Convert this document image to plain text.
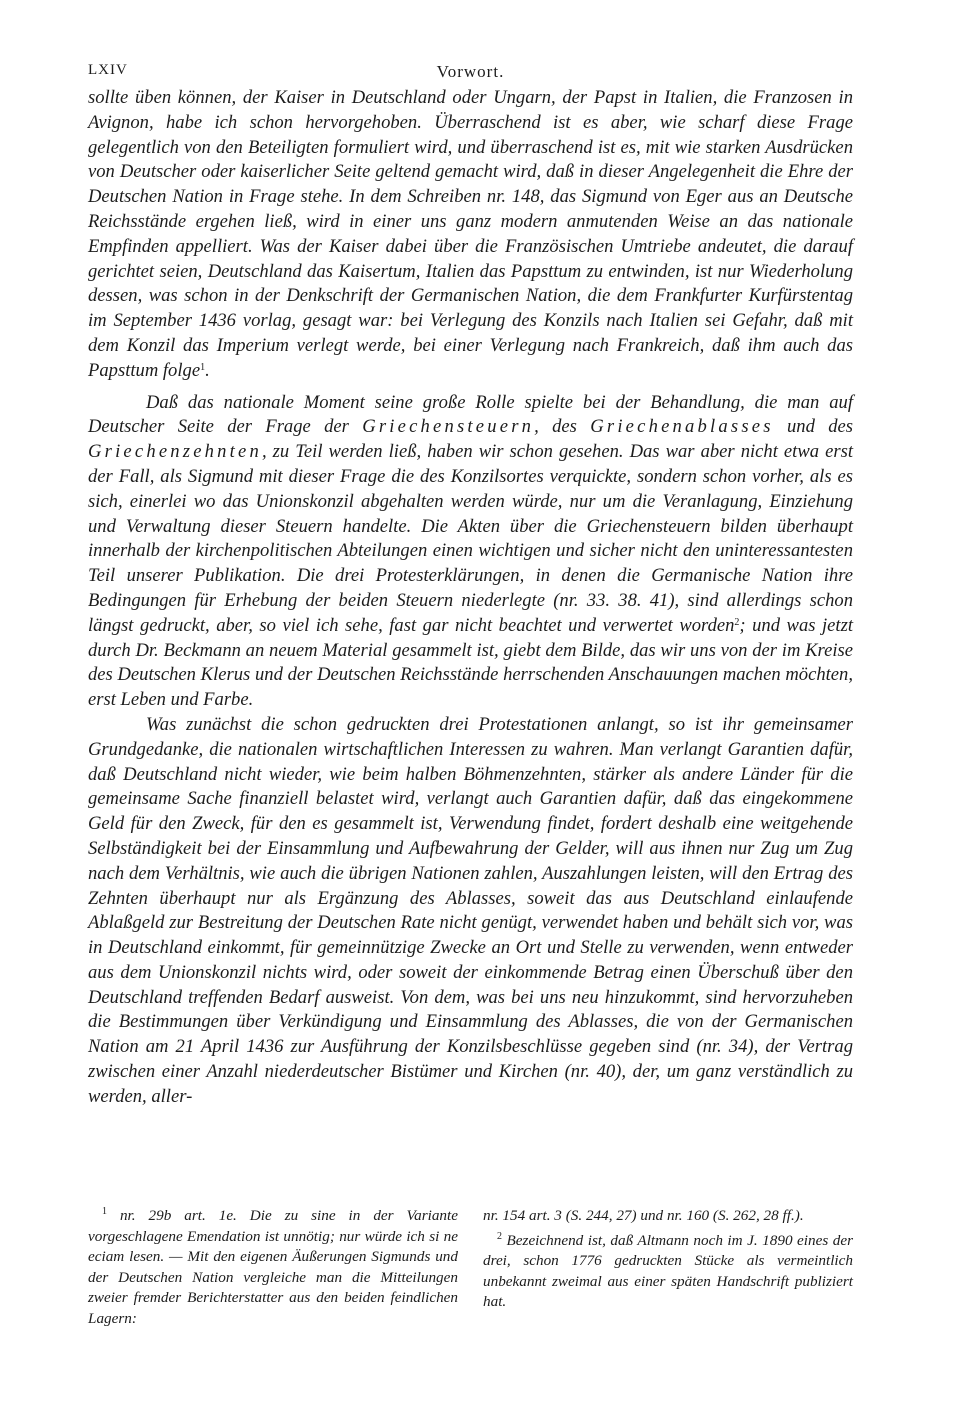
LXIV	Vorwort.

sollte üben können, der Kaiser in Deutschland oder Ungarn, der Papst in Italien, die Franzosen in Avignon, habe ich schon hervorgehoben. Überraschend ist es aber, wie scharf diese Frage gelegentlich von den Beteiligten formuliert wird, und überraschend ist es, mit wie starken Ausdrücken von Deutscher oder kaiserlicher Seite geltend gemacht wird, daß in dieser Angelegenheit die Ehre der Deutschen Nation in Frage stehe. In dem Schreiben nr. 148, das Sigmund von Eger aus an Deutsche Reichsstände ergehen ließ, wird in einer uns ganz modern anmutenden Weise an das nationale Empfinden appelliert. Was der Kaiser dabei über die Französischen Umtriebe andeutet, die darauf gerichtet seien, Deutschland das Kaisertum, Italien das Papsttum zu entwinden, ist nur Wiederholung dessen, was schon in der Denkschrift der Germanischen Nation, die dem Frankfurter Kurfürstentag im September 1436 vorlag, gesagt war: bei Verlegung des Konzils nach Italien sei Gefahr, daß mit dem Konzil das Imperium verlegt werde, bei einer Verlegung nach Frankreich, daß ihm auch das Papsttum folge$^1$.

Daß das nationale Moment seine große Rolle spielte bei der Behandlung, die man auf Deutscher Seite der Frage der Griechensteuern, des Griechenablasses und des Griechenzehnten, zu Teil werden ließ, haben wir schon gesehen. Das war aber nicht etwa erst der Fall, als Sigmund mit dieser Frage die des Konzilsortes verquickte, sondern schon vorher, als es sich, einerlei wo das Unionskonzil abgehalten werden würde, nur um die Veranlagung, Einziehung und Verwaltung dieser Steuern handelte. Die Akten über die Griechensteuern bilden überhaupt innerhalb der kirchenpolitischen Abteilungen einen wichtigen und sicher nicht den uninteressantesten Teil unserer Publikation. Die drei Protesterklärungen, in denen die Germanische Nation ihre Bedingungen für Erhebung der beiden Steuern niederlegte (nr. 33. 38. 41), sind allerdings schon längst gedruckt, aber, so viel ich sehe, fast gar nicht beachtet und verwertet worden$^2$; und was jetzt durch Dr. Beckmann an neuem Material gesammelt ist, giebt dem Bilde, das wir uns von der im Kreise des Deutschen Klerus und der Deutschen Reichsstände herrschenden Anschauungen machen möchten, erst Leben und Farbe.

Was zunächst die schon gedruckten drei Protestationen anlangt, so ist ihr gemeinsamer Grundgedanke, die nationalen wirtschaftlichen Interessen zu wahren. Man verlangt Garantien dafür, daß Deutschland nicht wieder, wie beim halben Böhmenzehnten, stärker als andere Länder für die gemeinsame Sache finanziell belastet wird, verlangt auch Garantien dafür, daß das eingekommene Geld für den Zweck, für den es gesammelt ist, Verwendung findet, fordert deshalb eine weitgehende Selbständigkeit bei der Einsammlung und Aufbewahrung der Gelder, will aus ihnen nur Zug um Zug nach dem Verhältnis, wie auch die übrigen Nationen zahlen, Auszahlungen leisten, will den Ertrag des Zehnten überhaupt nur als Ergänzung des Ablasses, soweit das aus Deutschland einlaufende Ablaßgeld zur Bestreitung der Deutschen Rate nicht genügt, verwendet haben und behält sich vor, was in Deutschland einkommt, für gemeinnützige Zwecke an Ort und Stelle zu verwenden, wenn entweder aus dem Unionskonzil nichts wird, oder soweit der einkommende Betrag einen Überschuß über den Deutschland treffenden Bedarf ausweist. Von dem, was bei uns neu hinzukommt, sind hervorzuheben die Bestimmungen über Verkündigung und Einsammlung des Ablasses, die von der Germanischen Nation am 21 April 1436 zur Ausführung der Konzilsbeschlüsse gegeben sind (nr. 34), der Vertrag zwischen einer Anzahl niederdeutscher Bistümer und Kirchen (nr. 40), der, um ganz verständlich zu werden, aller-

$^1$ nr. 29b art. 1e. Die zu sine in der Variante vorgeschlagene Emendation ist unnötig; nur würde ich si ne eciam lesen. — Mit den eigenen Äußerungen Sigmunds und der Deutschen Nation vergleiche man die Mitteilungen zweier fremder Berichterstatter aus den beiden feindlichen Lagern:

nr. 154 art. 3 (S. 244, 27) und nr. 160 (S. 262, 28 ff.).

$^2$ Bezeichnend ist, daß Altmann noch im J. 1890 eines der drei, schon 1776 gedruckten Stücke als vermeintlich unbekannt zweimal aus einer späten Handschrift publiziert hat.
